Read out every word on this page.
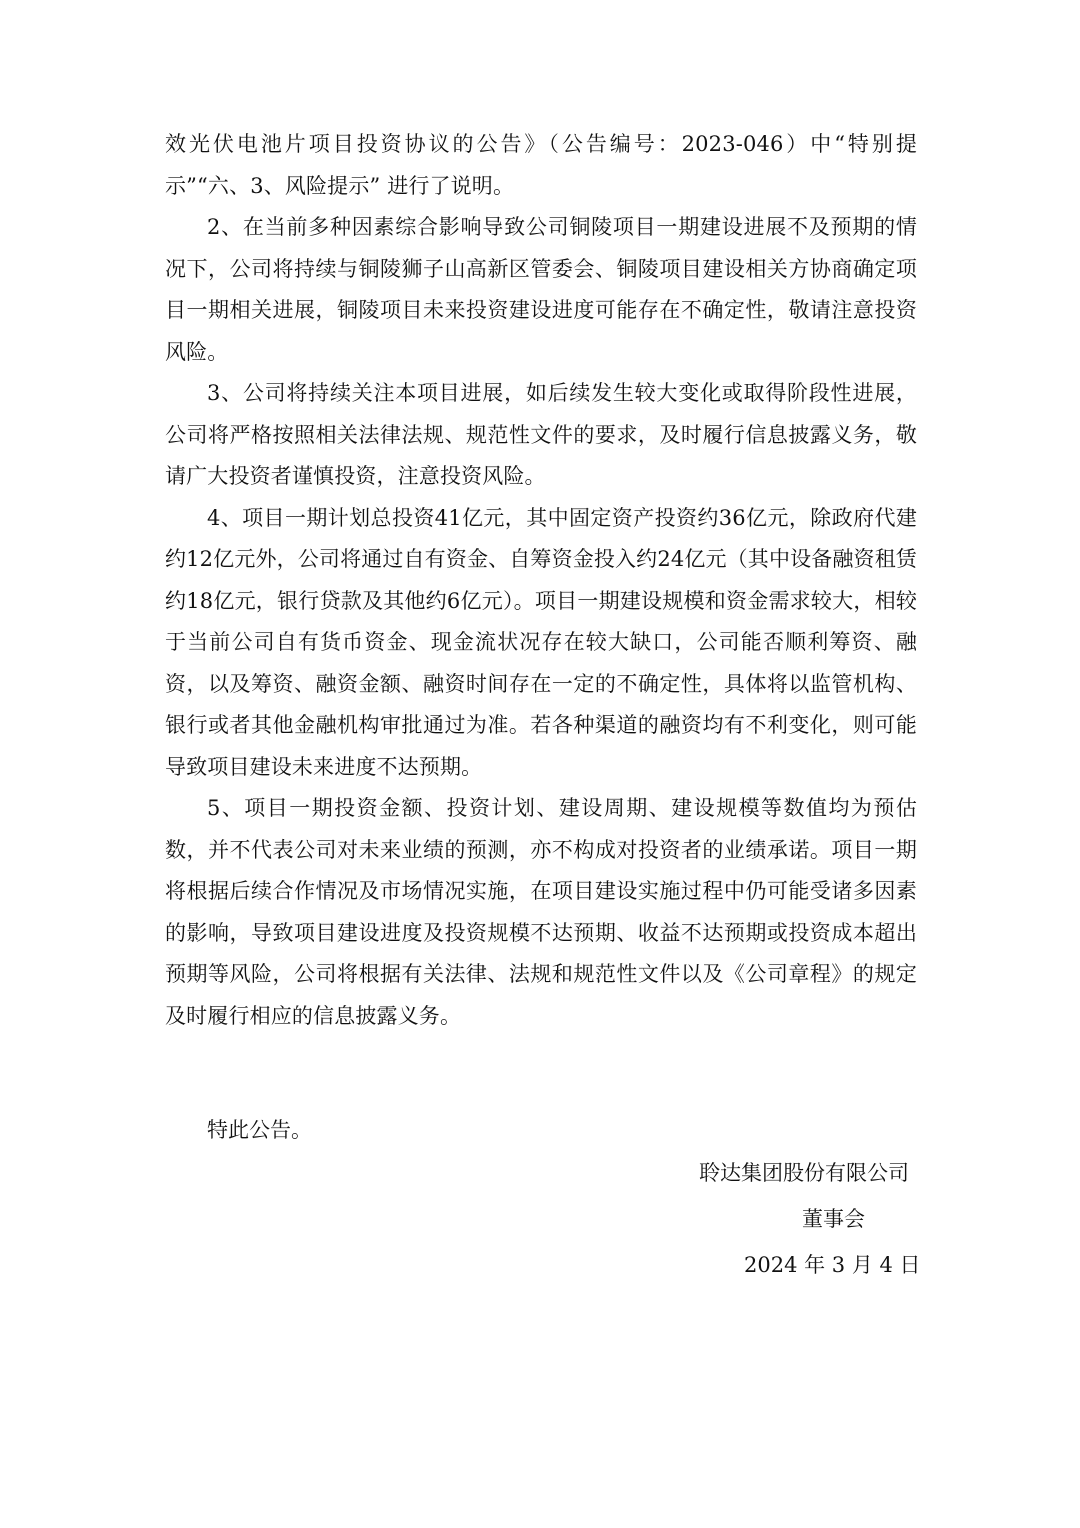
效光伏电池片项目投资协议的公告》（公告编号：2023-046）中“特别提示”“六、3、风险提示” 进行了说明。

2、在当前多种因素综合影响导致公司铜陵项目一期建设进展不及预期的情况下，公司将持续与铜陵狮子山高新区管委会、铜陵项目建设相关方协商确定项目一期相关进展，铜陵项目未来投资建设进度可能存在不确定性，敬请注意投资风险。

3、公司将持续关注本项目进展，如后续发生较大变化或取得阶段性进展，公司将严格按照相关法律法规、规范性文件的要求，及时履行信息披露义务，敬请广大投资者谨慎投资，注意投资风险。

4、项目一期计划总投资41亿元，其中固定资产投资约36亿元，除政府代建约12亿元外，公司将通过自有资金、自筹资金投入约24亿元（其中设备融资租赁约18亿元，银行贷款及其他约6亿元）。项目一期建设规模和资金需求较大，相较于当前公司自有货币资金、现金流状况存在较大缺口，公司能否顺利筹资、融资，以及筹资、融资金额、融资时间存在一定的不确定性，具体将以监管机构、银行或者其他金融机构审批通过为准。若各种渠道的融资均有不利变化，则可能导致项目建设未来进度不达预期。

5、项目一期投资金额、投资计划、建设周期、建设规模等数值均为预估数，并不代表公司对未来业绩的预测，亦不构成对投资者的业绩承诺。项目一期将根据后续合作情况及市场情况实施，在项目建设实施过程中仍可能受诸多因素的影响，导致项目建设进度及投资规模不达预期、收益不达预期或投资成本超出预期等风险，公司将根据有关法律、法规和规范性文件以及《公司章程》的规定及时履行相应的信息披露义务。

特此公告。

聆达集团股份有限公司
董事会
2024 年 3 月 4 日
